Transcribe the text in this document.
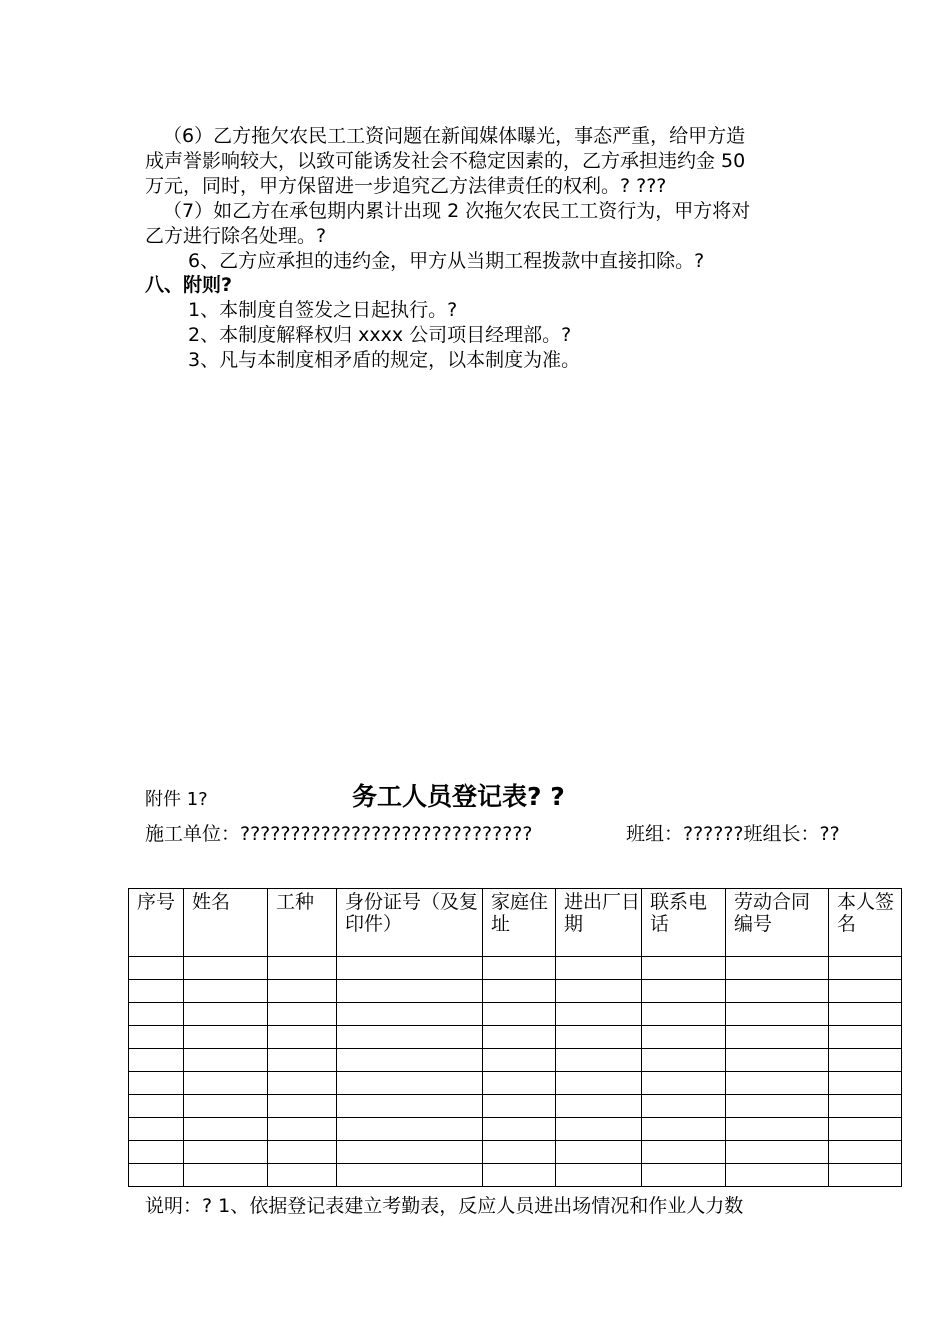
（6）乙方拖欠农民工工资问题在新闻媒体曝光，事态严重，给甲方造

成声誉影响较大，以致可能诱发社会不稳定因素的，乙方承担违约金 50

万元，同时，甲方保留进一步追究乙方法律责任的权利。? ???

（7）如乙方在承包期内累计出现 2 次拖欠农民工工资行为，甲方将对

乙方进行除名处理。?

6、乙方应承担的违约金，甲方从当期工程拨款中直接扣除。?

八、附则?

1、本制度自签发之日起执行。?

2、本制度解释权归 xxxx 公司项目经理部。?

3、凡与本制度相矛盾的规定，以本制度为准。

附件 1?	务工人员登记表? ?
施工单位：?????????????????????????????	班组：??????班组长：??
序号	姓名	工种	身份证号（及复印件）	家庭住址	进出厂日期	联系电话	劳动合同编号	本人签名

说明：? 1、依据登记表建立考勤表，反应人员进出场情况和作业人力数
